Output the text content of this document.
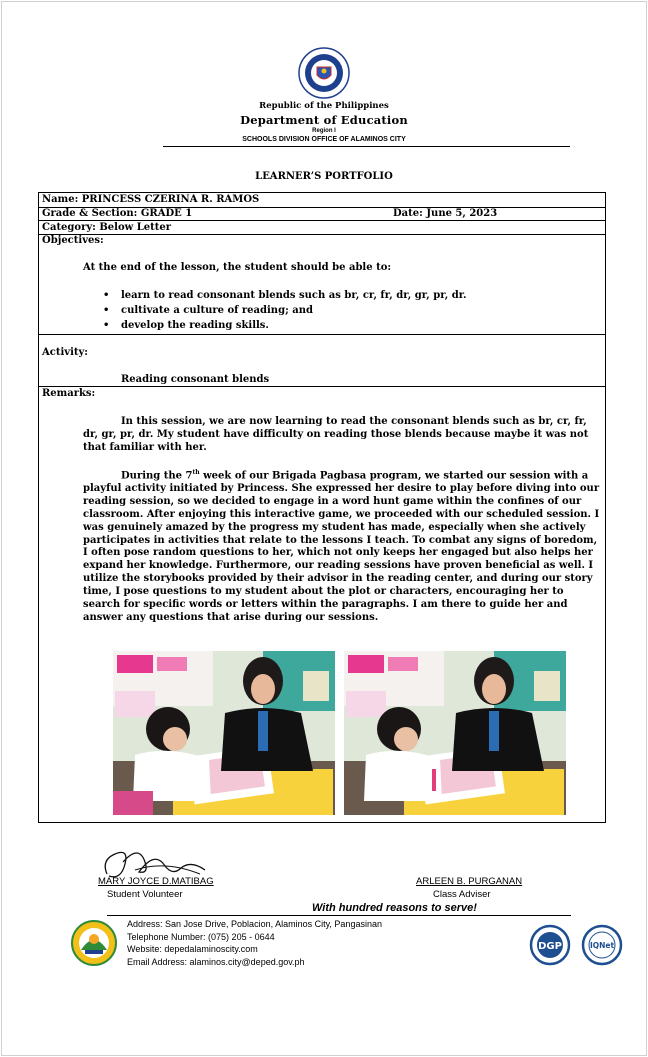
Republic of the Philippines
Department of Education
Region I
SCHOOLS DIVISION OFFICE OF ALAMINOS CITY
LEARNER’S PORTFOLIO
Name: PRINCESS CZERINA R. RAMOS
Grade & Section: GRADE 1	Date: June 5, 2023
Category: Below Letter
Objectives:
At the end of the lesson, the student should be able to:
• learn to read consonant blends such as br, cr, fr, dr, gr, pr, dr.
• cultivate a culture of reading; and
• develop the reading skills.
Activity:
Reading consonant blends
Remarks:

In this session, we are now learning to read the consonant blends such as br, cr, fr, dr, gr, pr, dr. My student have difficulty on reading those blends because maybe it was not that familiar with her.

During the 7th week of our Brigada Pagbasa program, we started our session with a playful activity initiated by Princess. She expressed her desire to play before diving into our reading session, so we decided to engage in a word hunt game within the confines of our classroom. After enjoying this interactive game, we proceeded with our scheduled session. I was genuinely amazed by the progress my student has made, especially when she actively participates in activities that relate to the lessons I teach. To combat any signs of boredom, I often pose random questions to her, which not only keeps her engaged but also helps her expand her knowledge. Furthermore, our reading sessions have proven beneficial as well. I utilize the storybooks provided by their advisor in the reading center, and during our story time, I pose questions to my student about the plot or characters, encouraging her to search for specific words or letters within the paragraphs. I am there to guide her and answer any questions that arise during our sessions.

MARY JOYCE D.MATIBAG
Student Volunteer
ARLEEN B. PURGANAN
Class Adviser
With hundred reasons to serve!
Address: San Jose Drive, Poblacion, Alaminos City, Pangasinan
Telephone Number: (075) 205 - 0644
Website: depedalaminoscity.com
Email Address: alaminos.city@deped.gov.ph
DGP	IQNet
